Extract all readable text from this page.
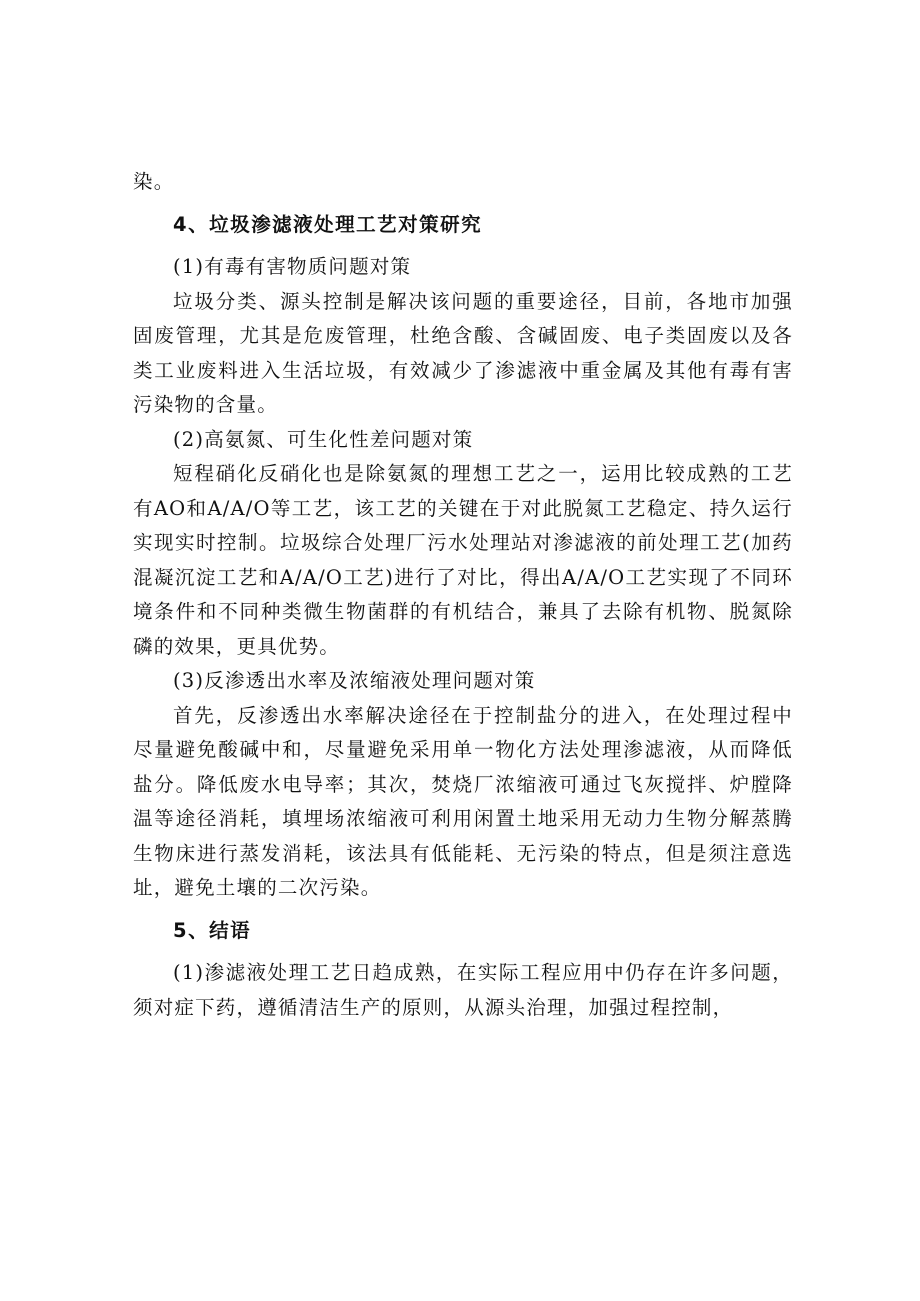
染。

4、垃圾渗滤液处理工艺对策研究

(1)有毒有害物质问题对策

垃圾分类、源头控制是解决该问题的重要途径，目前，各地市加强固废管理，尤其是危废管理，杜绝含酸、含碱固废、电子类固废以及各类工业废料进入生活垃圾，有效减少了渗滤液中重金属及其他有毒有害污染物的含量。

(2)高氨氮、可生化性差问题对策

短程硝化反硝化也是除氨氮的理想工艺之一，运用比较成熟的工艺有AO和A/A/O等工艺，该工艺的关键在于对此脱氮工艺稳定、持久运行实现实时控制。垃圾综合处理厂污水处理站对渗滤液的前处理工艺(加药混凝沉淀工艺和A/A/O工艺)进行了对比，得出A/A/O工艺实现了不同环境条件和不同种类微生物菌群的有机结合，兼具了去除有机物、脱氮除磷的效果，更具优势。

(3)反渗透出水率及浓缩液处理问题对策

首先，反渗透出水率解决途径在于控制盐分的进入，在处理过程中尽量避免酸碱中和，尽量避免采用单一物化方法处理渗滤液，从而降低盐分。降低废水电导率；其次，焚烧厂浓缩液可通过飞灰搅拌、炉膛降温等途径消耗，填埋场浓缩液可利用闲置土地采用无动力生物分解蒸腾生物床进行蒸发消耗，该法具有低能耗、无污染的特点，但是须注意选址，避免土壤的二次污染。

5、结语

(1)渗滤液处理工艺日趋成熟，在实际工程应用中仍存在许多问题，须对症下药，遵循清洁生产的原则，从源头治理，加强过程控制，
